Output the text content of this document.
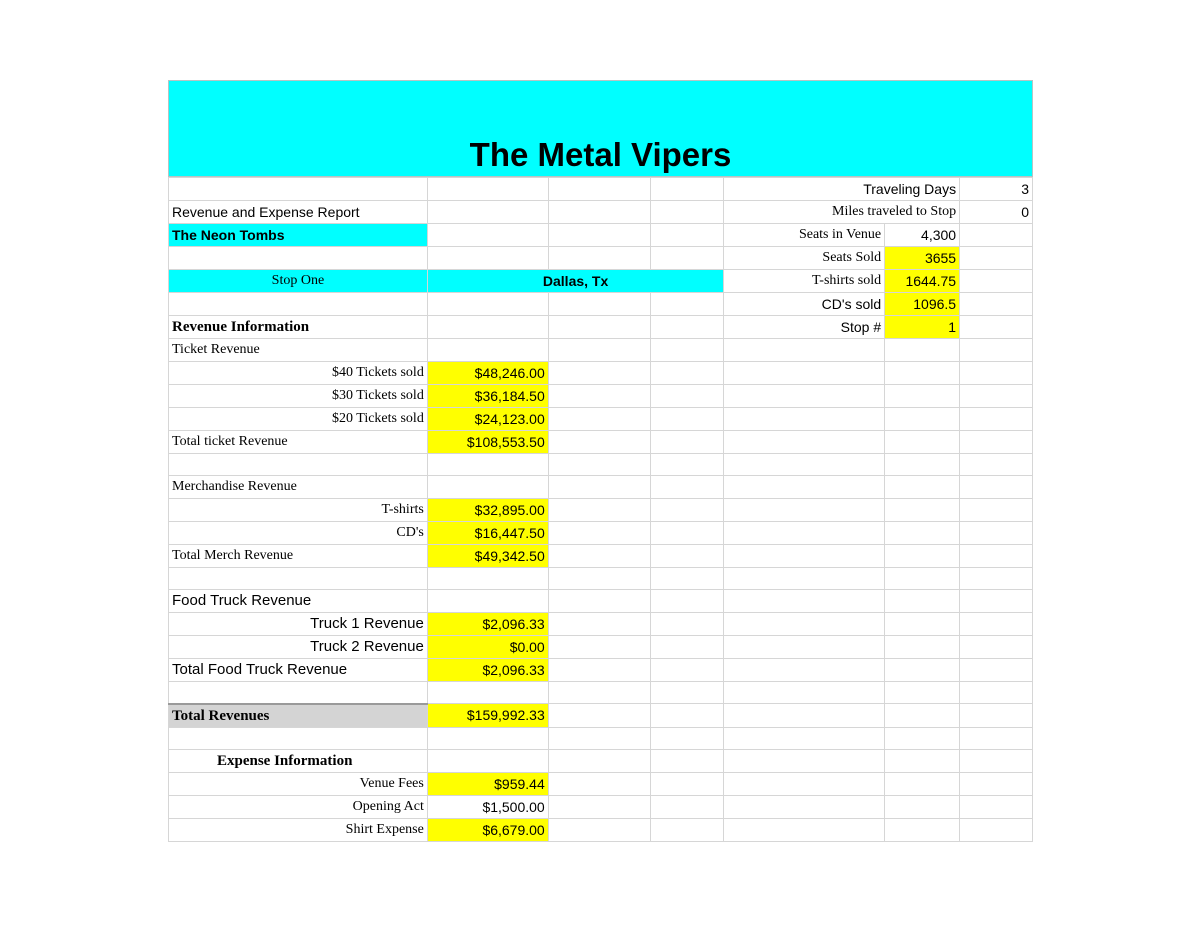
The Metal Vipers
				Traveling Days		3
Revenue and Expense Report				Miles traveled to Stop		0
The Neon Tombs				Seats in Venue	4,300	
				Seats Sold	3655	
Stop One	Dallas, Tx			T-shirts sold	1644.75	
				CD's sold	1096.5	
Revenue Information				Stop #	1	
Ticket Revenue						
$40 Tickets sold	$48,246.00					
$30 Tickets sold	$36,184.50					
$20 Tickets sold	$24,123.00					
Total ticket Revenue	$108,553.50					

Merchandise Revenue						
T-shirts	$32,895.00					
CD's	$16,447.50					
Total Merch Revenue	$49,342.50					

Food Truck Revenue						
Truck 1 Revenue	$2,096.33					
Truck 2 Revenue	$0.00					
Total Food Truck Revenue	$2,096.33					

Total Revenues	$159,992.33					

Expense Information						
Venue Fees	$959.44					
Opening Act	$1,500.00					
Shirt Expense	$6,679.00					
